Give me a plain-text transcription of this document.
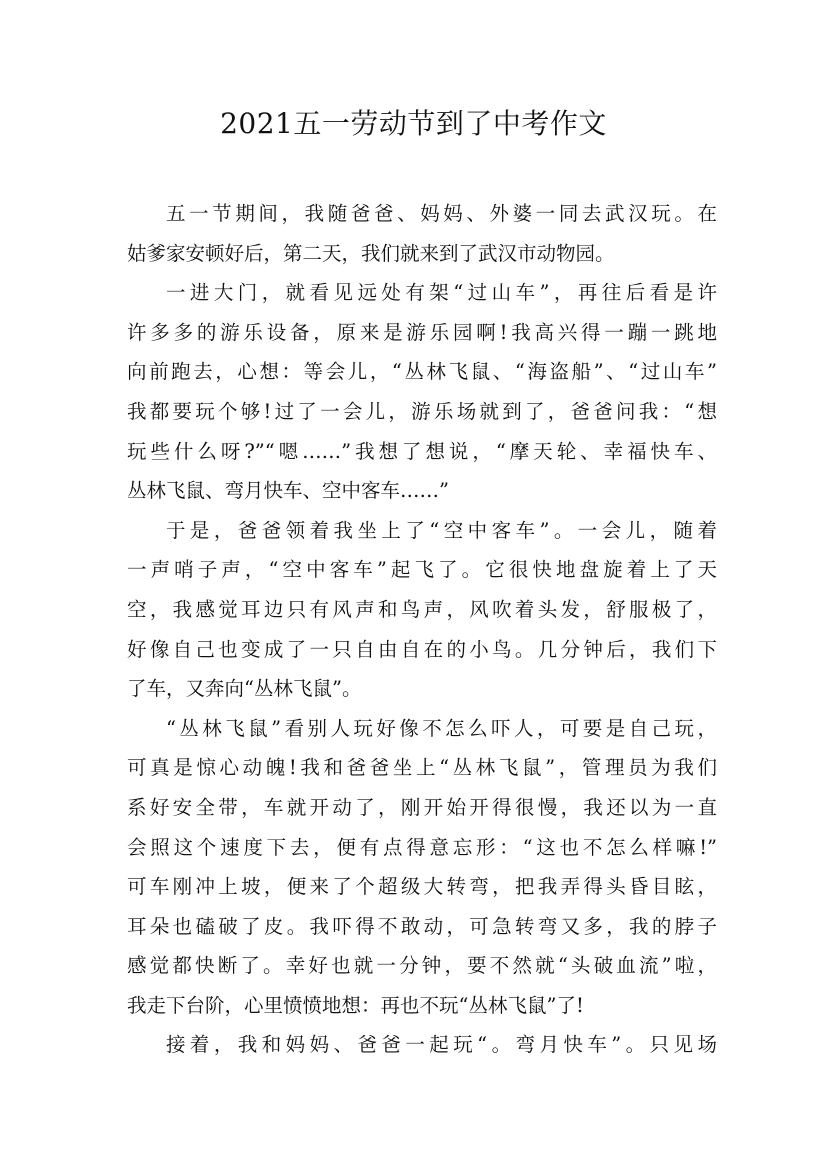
2021五一劳动节到了中考作文
五一节期间，我随爸爸、妈妈、外婆一同去武汉玩。在
姑爹家安顿好后，第二天，我们就来到了武汉市动物园。
一进大门，就看见远处有架“过山车”，再往后看是许
许多多的游乐设备，原来是游乐园啊!我高兴得一蹦一跳地
向前跑去，心想：等会儿，“丛林飞鼠、“海盗船”、“过山车”
我都要玩个够!过了一会儿，游乐场就到了，爸爸问我：“想
玩些什么呀?”“嗯……”我想了想说，“摩天轮、幸福快车、
丛林飞鼠、弯月快车、空中客车……”
于是，爸爸领着我坐上了“空中客车”。一会儿，随着
一声哨子声，“空中客车”起飞了。它很快地盘旋着上了天
空，我感觉耳边只有风声和鸟声，风吹着头发，舒服极了，
好像自己也变成了一只自由自在的小鸟。几分钟后，我们下
了车，又奔向“丛林飞鼠”。
“丛林飞鼠”看别人玩好像不怎么吓人，可要是自己玩，
可真是惊心动魄!我和爸爸坐上“丛林飞鼠”，管理员为我们
系好安全带，车就开动了，刚开始开得很慢，我还以为一直
会照这个速度下去，便有点得意忘形：“这也不怎么样嘛!”
可车刚冲上坡，便来了个超级大转弯，把我弄得头昏目眩，
耳朵也磕破了皮。我吓得不敢动，可急转弯又多，我的脖子
感觉都快断了。幸好也就一分钟，要不然就“头破血流”啦，
我走下台阶，心里愤愤地想：再也不玩“丛林飞鼠”了!
接着，我和妈妈、爸爸一起玩“。弯月快车”。只见场
